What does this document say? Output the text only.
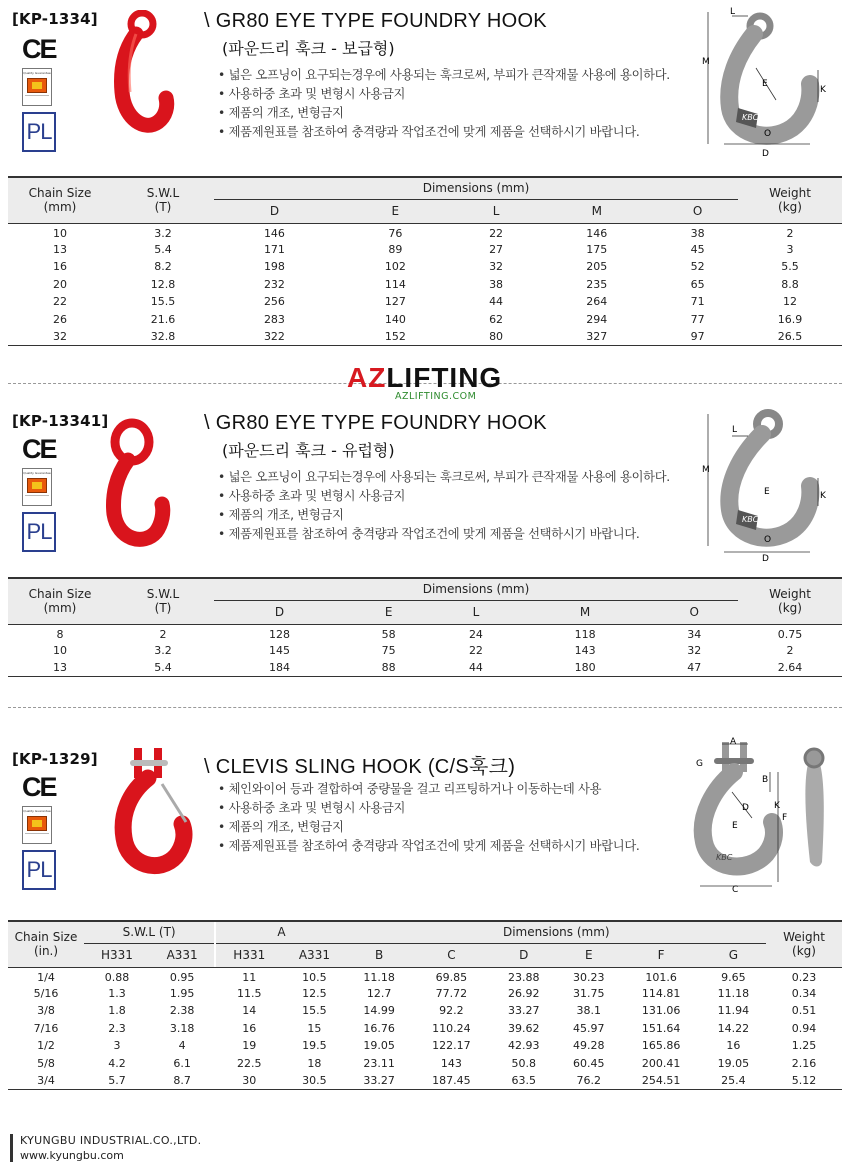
[KP-1334]
CE
Quality Guarantee
PL
\ GR80 EYE TYPE FOUNDRY HOOK
(파운드리 훅크 - 보급형)
• 넓은 오프닝이 요구되는경우에 사용되는 훅크로써, 부피가 큰작재물 사용에 용이하다.
• 사용하중 초과 및 변형시 사용금지
• 제품의 개조, 변형금지
• 제품제원표를 참조하여 충격량과 작업조건에 맞게 제품을 선택하시기 바랍니다.
KBC
L
M
E
K
O
D
Chain Size
(mm)	S.W.L
(T)	Dimensions (mm)					Weight
(kg)
		D	E	L	M	O	
10	3.2	146	76	22	146	38	2
13	5.4	171	89	27	175	45	3
16	8.2	198	102	32	205	52	5.5
20	12.8	232	114	38	235	65	8.8
22	15.5	256	127	44	264	71	12
26	21.6	283	140	62	294	77	16.9
32	32.8	322	152	80	327	97	26.5
AZLIFTING
AZLIFTING.COM
[KP-13341]
CE
Quality Guarantee
PL
\ GR80 EYE TYPE FOUNDRY HOOK
(파운드리 훅크 - 유럽형)
• 넓은 오프닝이 요구되는경우에 사용되는 훅크로써, 부피가 큰작재물 사용에 용이하다.
• 사용하중 초과 및 변형시 사용금지
• 제품의 개조, 변형금지
• 제품제원표를 참조하여 충격량과 작업조건에 맞게 제품을 선택하시기 바랍니다.
KBC
L
M
E	K
O
D
Chain Size
(mm)	S.W.L
(T)	Dimensions (mm)					Weight
(kg)
		D	E	L	M	O	
8	2	128	58	24	118	34	0.75
10	3.2	145	75	22	143	32	2
13	5.4	184	88	44	180	47	2.64
[KP-1329]
CE
Quality Guarantee
PL
\ CLEVIS SLING HOOK (C/S훅크)
• 체인와이어 등과 결합하여 중량물을 걸고 리프팅하거나 이동하는데 사용
• 사용하중 초과 및 변형시 사용금지
• 제품의 개조, 변형금지
• 제품제원표를 참조하여 충격량과 작업조건에 맞게 제품을 선택하시기 바랍니다.
KBC
A
B
C
D
E
F
G
K
Chain Size
(in.)	S.W.L (T)			A		Dimensions (mm)						Weight
(kg)
	H331	A331		H331	A331	B	C	D	E	F	G	
1/4	0.88	0.95		11	10.5	11.18	69.85	23.88	30.23	101.6	9.65	0.23
5/16	1.3	1.95		11.5	12.5	12.7	77.72	26.92	31.75	114.81	11.18	0.34
3/8	1.8	2.38		14	15.5	14.99	92.2	33.27	38.1	131.06	11.94	0.51
7/16	2.3	3.18		16	15	16.76	110.24	39.62	45.97	151.64	14.22	0.94
1/2	3	4		19	19.5	19.05	122.17	42.93	49.28	165.86	16	1.25
5/8	4.2	6.1		22.5	18	23.11	143	50.8	60.45	200.41	19.05	2.16
3/4	5.7	8.7		30	30.5	33.27	187.45	63.5	76.2	254.51	25.4	5.12
KYUNGBU INDUSTRIAL.CO.,LTD.
www.kyungbu.com
